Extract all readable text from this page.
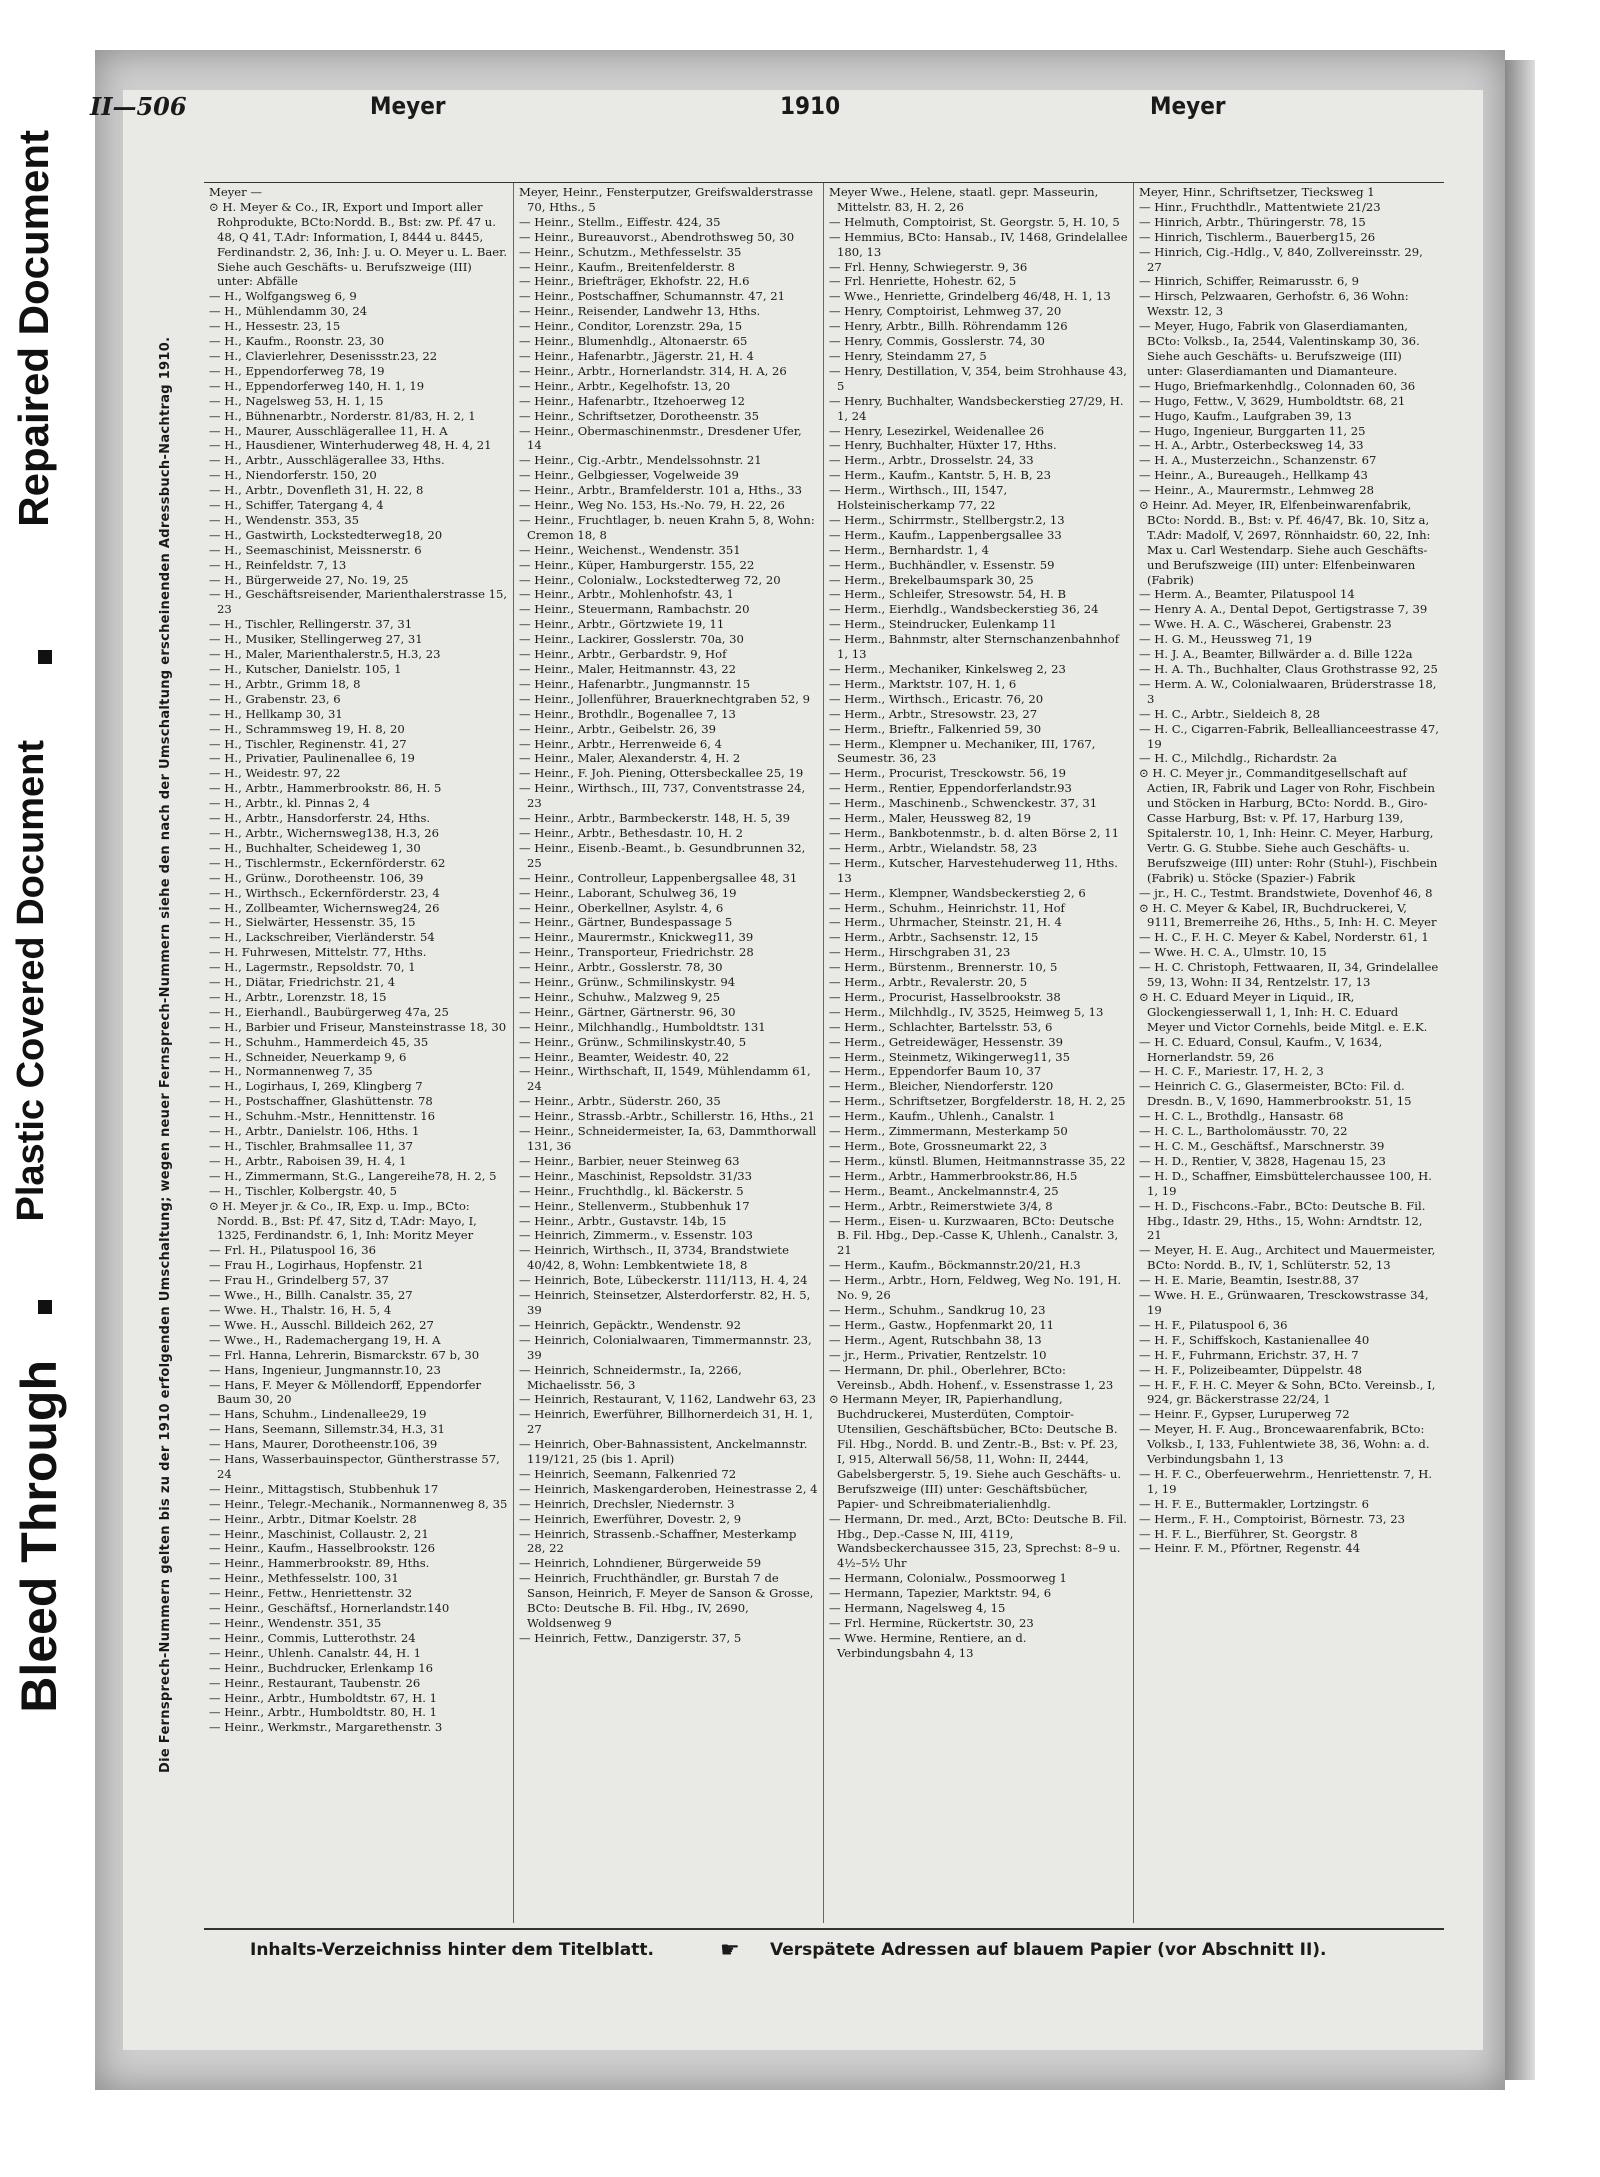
Repaired Document
Plastic Covered Document
Bleed Through
II—506	Meyer	1910	Meyer
Die Fernsprech-Nummern gelten bis zu der 1910 erfolgenden Umschaltung; wegen neuer Fernsprech-Nummern siehe den nach der Umschaltung erscheinenden Adressbuch-Nachtrag 1910.

Meyer —

⊙ H. Meyer & Co., IR, Export und Import aller Rohprodukte, BCto:Nordd. B., Bst: zw. Pf. 47 u. 48, Q 41, T.Adr: Information, I, 8444 u. 8445, Ferdinandstr. 2, 36, Inh: J. u. O. Meyer u. L. Baer. Siehe auch Geschäfts- u. Berufszweige (III) unter: Abfälle

— H., Wolfgangsweg 6, 9

— H., Mühlendamm 30, 24

— H., Hessestr. 23, 15

— H., Kaufm., Roonstr. 23, 30

— H., Clavierlehrer, Desenissstr.23, 22

— H., Eppendorferweg 78, 19

— H., Eppendorferweg 140, H. 1, 19

— H., Nagelsweg 53, H. 1, 15

— H., Bühnenarbtr., Norderstr. 81/83, H. 2, 1

— H., Maurer, Ausschlägerallee 11, H. A

— H., Hausdiener, Winterhuderweg 48, H. 4, 21

— H., Arbtr., Ausschlägerallee 33, Hths.

— H., Niendorferstr. 150, 20

— H., Arbtr., Dovenfleth 31, H. 22, 8

— H., Schiffer, Tatergang 4, 4

— H., Wendenstr. 353, 35

— H., Gastwirth, Lockstedterweg18, 20

— H., Seemaschinist, Meissnerstr. 6

— H., Reinfeldstr. 7, 13

— H., Bürgerweide 27, No. 19, 25

— H., Geschäftsreisender, Marienthalerstrasse 15, 23

— H., Tischler, Rellingerstr. 37, 31

— H., Musiker, Stellingerweg 27, 31

— H., Maler, Marienthalerstr.5, H.3, 23

— H., Kutscher, Danielstr. 105, 1

— H., Arbtr., Grimm 18, 8

— H., Grabenstr. 23, 6

— H., Hellkamp 30, 31

— H., Schrammsweg 19, H. 8, 20

— H., Tischler, Reginenstr. 41, 27

— H., Privatier, Paulinenallee 6, 19

— H., Weidestr. 97, 22

— H., Arbtr., Hammerbrookstr. 86, H. 5

— H., Arbtr., kl. Pinnas 2, 4

— H., Arbtr., Hansdorferstr. 24, Hths.

— H., Arbtr., Wichernsweg138, H.3, 26

— H., Buchhalter, Scheideweg 1, 30

— H., Tischlermstr., Eckernförderstr. 62

— H., Grünw., Dorotheenstr. 106, 39

— H., Wirthsch., Eckernförderstr. 23, 4

— H., Zollbeamter, Wichernsweg24, 26

— H., Sielwärter, Hessenstr. 35, 15

— H., Lackschreiber, Vierländerstr. 54

— H. Fuhrwesen, Mittelstr. 77, Hths.

— H., Lagermstr., Repsoldstr. 70, 1

— H., Diätar, Friedrichstr. 21, 4

— H., Arbtr., Lorenzstr. 18, 15

— H., Eierhandl., Baubürgerweg 47a, 25

— H., Barbier und Friseur, Mansteinstrasse 18, 30

— H., Schuhm., Hammerdeich 45, 35

— H., Schneider, Neuerkamp 9, 6

— H., Normannenweg 7, 35

— H., Logirhaus, I, 269, Klingberg 7

— H., Postschaffner, Glashüttenstr. 78

— H., Schuhm.-Mstr., Hennittenstr. 16

— H., Arbtr., Danielstr. 106, Hths. 1

— H., Tischler, Brahmsallee 11, 37

— H., Arbtr., Raboisen 39, H. 4, 1

— H., Zimmermann, St.G., Langereihe78, H. 2, 5

— H., Tischler, Kolbergstr. 40, 5

⊙ H. Meyer jr. & Co., IR, Exp. u. Imp., BCto: Nordd. B., Bst: Pf. 47, Sitz d, T.Adr: Mayo, I, 1325, Ferdinandstr. 6, 1, Inh: Moritz Meyer

— Frl. H., Pilatuspool 16, 36

— Frau H., Logirhaus, Hopfenstr. 21

— Frau H., Grindelberg 57, 37

— Wwe., H., Billh. Canalstr. 35, 27

— Wwe. H., Thalstr. 16, H. 5, 4

— Wwe. H., Ausschl. Billdeich 262, 27

— Wwe., H., Rademachergang 19, H. A

— Frl. Hanna, Lehrerin, Bismarckstr. 67 b, 30

— Hans, Ingenieur, Jungmannstr.10, 23

— Hans, F. Meyer & Möllendorff, Eppendorfer Baum 30, 20

— Hans, Schuhm., Lindenallee29, 19

— Hans, Seemann, Sillemstr.34, H.3, 31

— Hans, Maurer, Dorotheenstr.106, 39

— Hans, Wasserbauinspector, Güntherstrasse 57, 24

— Heinr., Mittagstisch, Stubbenhuk 17

— Heinr., Telegr.-Mechanik., Normannenweg 8, 35

— Heinr., Arbtr., Ditmar Koelstr. 28

— Heinr., Maschinist, Collaustr. 2, 21

— Heinr., Kaufm., Hasselbrookstr. 126

— Heinr., Hammerbrookstr. 89, Hths.

— Heinr., Methfesselstr. 100, 31

— Heinr., Fettw., Henriettenstr. 32

— Heinr., Geschäftsf., Hornerlandstr.140

— Heinr., Wendenstr. 351, 35

— Heinr., Commis, Lutterothstr. 24

— Heinr., Uhlenh. Canalstr. 44, H. 1

— Heinr., Buchdrucker, Erlenkamp 16

— Heinr., Restaurant, Taubenstr. 26

— Heinr., Arbtr., Humboldtstr. 67, H. 1

— Heinr., Arbtr., Humboldtstr. 80, H. 1

— Heinr., Werkmstr., Margarethenstr. 3

Meyer, Heinr., Fensterputzer, Greifswalderstrasse 70, Hths., 5

— Heinr., Stellm., Eiffestr. 424, 35

— Heinr., Bureauvorst., Abendrothsweg 50, 30

— Heinr., Schutzm., Methfesselstr. 35

— Heinr., Kaufm., Breitenfelderstr. 8

— Heinr., Briefträger, Ekhofstr. 22, H.6

— Heinr., Postschaffner, Schumannstr. 47, 21

— Heinr., Reisender, Landwehr 13, Hths.

— Heinr., Conditor, Lorenzstr. 29a, 15

— Heinr., Blumenhdlg., Altonaerstr. 65

— Heinr., Hafenarbtr., Jägerstr. 21, H. 4

— Heinr., Arbtr., Hornerlandstr. 314, H. A, 26

— Heinr., Arbtr., Kegelhofstr. 13, 20

— Heinr., Hafenarbtr., Itzehoerweg 12

— Heinr., Schriftsetzer, Dorotheenstr. 35

— Heinr., Obermaschinenmstr., Dresdener Ufer, 14

— Heinr., Cig.-Arbtr., Mendelssohnstr. 21

— Heinr., Gelbgiesser, Vogelweide 39

— Heinr., Arbtr., Bramfelderstr. 101 a, Hths., 33

— Heinr., Weg No. 153, Hs.-No. 79, H. 22, 26

— Heinr., Fruchtlager, b. neuen Krahn 5, 8, Wohn: Cremon 18, 8

— Heinr., Weichenst., Wendenstr. 351

— Heinr., Küper, Hamburgerstr. 155, 22

— Heinr., Colonialw., Lockstedterweg 72, 20

— Heinr., Arbtr., Mohlenhofstr. 43, 1

— Heinr., Steuermann, Rambachstr. 20

— Heinr., Arbtr., Görtzwiete 19, 11

— Heinr., Lackirer, Gosslerstr. 70a, 30

— Heinr., Arbtr., Gerbardstr. 9, Hof

— Heinr., Maler, Heitmannstr. 43, 22

— Heinr., Hafenarbtr., Jungmannstr. 15

— Heinr., Jollenführer, Brauerknechtgraben 52, 9

— Heinr., Brothdlr., Bogenallee 7, 13

— Heinr., Arbtr., Geibelstr. 26, 39

— Heinr., Arbtr., Herrenweide 6, 4

— Heinr., Maler, Alexanderstr. 4, H. 2

— Heinr., F. Joh. Piening, Ottersbeckallee 25, 19

— Heinr., Wirthsch., III, 737, Conventstrasse 24, 23

— Heinr., Arbtr., Barmbeckerstr. 148, H. 5, 39

— Heinr., Arbtr., Bethesdastr. 10, H. 2

— Heinr., Eisenb.-Beamt., b. Gesundbrunnen 32, 25

— Heinr., Controlleur, Lappenbergsallee 48, 31

— Heinr., Laborant, Schulweg 36, 19

— Heinr., Oberkellner, Asylstr. 4, 6

— Heinr., Gärtner, Bundespassage 5

— Heinr., Maurermstr., Knickweg11, 39

— Heinr., Transporteur, Friedrichstr. 28

— Heinr., Arbtr., Gosslerstr. 78, 30

— Heinr., Grünw., Schmilinskystr. 94

— Heinr., Schuhw., Malzweg 9, 25

— Heinr., Gärtner, Gärtnerstr. 96, 30

— Heinr., Milchhandlg., Humboldtstr. 131

— Heinr., Grünw., Schmilinskystr.40, 5

— Heinr., Beamter, Weidestr. 40, 22

— Heinr., Wirthschaft, II, 1549, Mühlendamm 61, 24

— Heinr., Arbtr., Süderstr. 260, 35

— Heinr., Strassb.-Arbtr., Schillerstr. 16, Hths., 21

— Heinr., Schneidermeister, Ia, 63, Dammthorwall 131, 36

— Heinr., Barbier, neuer Steinweg 63

— Heinr., Maschinist, Repsoldstr. 31/33

— Heinr., Fruchthdlg., kl. Bäckerstr. 5

— Heinr., Stellenverm., Stubbenhuk 17

— Heinr., Arbtr., Gustavstr. 14b, 15

— Heinrich, Zimmerm., v. Essenstr. 103

— Heinrich, Wirthsch., II, 3734, Brandstwiete 40/42, 8, Wohn: Lembkentwiete 18, 8

— Heinrich, Bote, Lübeckerstr. 111/113, H. 4, 24

— Heinrich, Steinsetzer, Alsterdorferstr. 82, H. 5, 39

— Heinrich, Gepäcktr., Wendenstr. 92

— Heinrich, Colonialwaaren, Timmermannstr. 23, 39

— Heinrich, Schneidermstr., Ia, 2266, Michaelisstr. 56, 3

— Heinrich, Restaurant, V, 1162, Landwehr 63, 23

— Heinrich, Ewerführer, Billhornerdeich 31, H. 1, 27

— Heinrich, Ober-Bahnassistent, Anckelmannstr. 119/121, 25 (bis 1. April)

— Heinrich, Seemann, Falkenried 72

— Heinrich, Maskengarderoben, Heinestrasse 2, 4

— Heinrich, Drechsler, Niedernstr. 3

— Heinrich, Ewerführer, Dovestr. 2, 9

— Heinrich, Strassenb.-Schaffner, Mesterkamp 28, 22

— Heinrich, Lohndiener, Bürgerweide 59

— Heinrich, Fruchthändler, gr. Burstah 7 de Sanson, Heinrich, F. Meyer de Sanson & Grosse, BCto: Deutsche B. Fil. Hbg., IV, 2690, Woldsenweg 9

— Heinrich, Fettw., Danzigerstr. 37, 5

Meyer Wwe., Helene, staatl. gepr. Masseurin, Mittelstr. 83, H. 2, 26

— Helmuth, Comptoirist, St. Georgstr. 5, H. 10, 5

— Hemmius, BCto: Hansab., IV, 1468, Grindelallee 180, 13

— Frl. Henny, Schwiegerstr. 9, 36

— Frl. Henriette, Hohestr. 62, 5

— Wwe., Henriette, Grindelberg 46/48, H. 1, 13

— Henry, Comptoirist, Lehmweg 37, 20

— Henry, Arbtr., Billh. Röhrendamm 126

— Henry, Commis, Gosslerstr. 74, 30

— Henry, Steindamm 27, 5

— Henry, Destillation, V, 354, beim Strohhause 43, 5

— Henry, Buchhalter, Wandsbeckerstieg 27/29, H. 1, 24

— Henry, Lesezirkel, Weidenallee 26

— Henry, Buchhalter, Hüxter 17, Hths.

— Herm., Arbtr., Drosselstr. 24, 33

— Herm., Kaufm., Kantstr. 5, H. B, 23

— Herm., Wirthsch., III, 1547, Holsteinischerkamp 77, 22

— Herm., Schirrmstr., Stellbergstr.2, 13

— Herm., Kaufm., Lappenbergsallee 33

— Herm., Bernhardstr. 1, 4

— Herm., Buchhändler, v. Essenstr. 59

— Herm., Brekelbaumspark 30, 25

— Herm., Schleifer, Stresowstr. 54, H. B

— Herm., Eierhdlg., Wandsbeckerstieg 36, 24

— Herm., Steindrucker, Eulenkamp 11

— Herm., Bahnmstr, alter Sternschanzenbahnhof 1, 13

— Herm., Mechaniker, Kinkelsweg 2, 23

— Herm., Marktstr. 107, H. 1, 6

— Herm., Wirthsch., Ericastr. 76, 20

— Herm., Arbtr., Stresowstr. 23, 27

— Herm., Brieftr., Falkenried 59, 30

— Herm., Klempner u. Mechaniker, III, 1767, Seumestr. 36, 23

— Herm., Procurist, Tresckowstr. 56, 19

— Herm., Rentier, Eppendorferlandstr.93

— Herm., Maschinenb., Schwenckestr. 37, 31

— Herm., Maler, Heussweg 82, 19

— Herm., Bankbotenmstr., b. d. alten Börse 2, 11

— Herm., Arbtr., Wielandstr. 58, 23

— Herm., Kutscher, Harvestehuderweg 11, Hths. 13

— Herm., Klempner, Wandsbeckerstieg 2, 6

— Herm., Schuhm., Heinrichstr. 11, Hof

— Herm., Uhrmacher, Steinstr. 21, H. 4

— Herm., Arbtr., Sachsenstr. 12, 15

— Herm., Hirschgraben 31, 23

— Herm., Bürstenm., Brennerstr. 10, 5

— Herm., Arbtr., Revalerstr. 20, 5

— Herm., Procurist, Hasselbrookstr. 38

— Herm., Milchhdlg., IV, 3525, Heimweg 5, 13

— Herm., Schlachter, Bartelsstr. 53, 6

— Herm., Getreidewäger, Hessenstr. 39

— Herm., Steinmetz, Wikingerweg11, 35

— Herm., Eppendorfer Baum 10, 37

— Herm., Bleicher, Niendorferstr. 120

— Herm., Schriftsetzer, Borgfelderstr. 18, H. 2, 25

— Herm., Kaufm., Uhlenh., Canalstr. 1

— Herm., Zimmermann, Mesterkamp 50

— Herm., Bote, Grossneumarkt 22, 3

— Herm., künstl. Blumen, Heitmannstrasse 35, 22

— Herm., Arbtr., Hammerbrookstr.86, H.5

— Herm., Beamt., Anckelmannstr.4, 25

— Herm., Arbtr., Reimerstwiete 3/4, 8

— Herm., Eisen- u. Kurzwaaren, BCto: Deutsche B. Fil. Hbg., Dep.-Casse K, Uhlenh., Canalstr. 3, 21

— Herm., Kaufm., Böckmannstr.20/21, H.3

— Herm., Arbtr., Horn, Feldweg, Weg No. 191, H. No. 9, 26

— Herm., Schuhm., Sandkrug 10, 23

— Herm., Gastw., Hopfenmarkt 20, 11

— Herm., Agent, Rutschbahn 38, 13

— jr., Herm., Privatier, Rentzelstr. 10

— Hermann, Dr. phil., Oberlehrer, BCto: Vereinsb., Abdh. Hohenf., v. Essenstrasse 1, 23

⊙ Hermann Meyer, IR, Papierhandlung, Buchdruckerei, Musterdüten, Comptoir-Utensilien, Geschäftsbücher, BCto: Deutsche B. Fil. Hbg., Nordd. B. und Zentr.-B., Bst: v. Pf. 23, I, 915, Alterwall 56/58, 11, Wohn: II, 2444, Gabelsbergerstr. 5, 19. Siehe auch Geschäfts- u. Berufszweige (III) unter: Geschäftsbücher, Papier- und Schreibmaterialienhdlg.

— Hermann, Dr. med., Arzt, BCto: Deutsche B. Fil. Hbg., Dep.-Casse N, III, 4119, Wandsbeckerchaussee 315, 23, Sprechst: 8–9 u. 4½–5½ Uhr

— Hermann, Colonialw., Possmoorweg 1

— Hermann, Tapezier, Marktstr. 94, 6

— Hermann, Nagelsweg 4, 15

— Frl. Hermine, Rückertstr. 30, 23

— Wwe. Hermine, Rentiere, an d. Verbindungsbahn 4, 13

Meyer, Hinr., Schriftsetzer, Tiecksweg 1

— Hinr., Fruchthdlr., Mattentwiete 21/23

— Hinrich, Arbtr., Thüringerstr. 78, 15

— Hinrich, Tischlerm., Bauerberg15, 26

— Hinrich, Cig.-Hdlg., V, 840, Zollvereinsstr. 29, 27

— Hinrich, Schiffer, Reimarusstr. 6, 9

— Hirsch, Pelzwaaren, Gerhofstr. 6, 36 Wohn: Wexstr. 12, 3

— Meyer, Hugo, Fabrik von Glaserdiamanten, BCto: Volksb., Ia, 2544, Valentinskamp 30, 36. Siehe auch Geschäfts- u. Berufszweige (III) unter: Glaserdiamanten und Diamanteure.

— Hugo, Briefmarkenhdlg., Colonnaden 60, 36

— Hugo, Fettw., V, 3629, Humboldtstr. 68, 21

— Hugo, Kaufm., Laufgraben 39, 13

— Hugo, Ingenieur, Burggarten 11, 25

— H. A., Arbtr., Osterbecksweg 14, 33

— H. A., Musterzeichn., Schanzenstr. 67

— Heinr., A., Bureaugeh., Hellkamp 43

— Heinr., A., Maurermstr., Lehmweg 28

⊙ Heinr. Ad. Meyer, IR, Elfenbeinwarenfabrik, BCto: Nordd. B., Bst: v. Pf. 46/47, Bk. 10, Sitz a, T.Adr: Madolf, V, 2697, Rönnhaidstr. 60, 22, Inh: Max u. Carl Westendarp. Siehe auch Geschäfts- und Berufszweige (III) unter: Elfenbeinwaren (Fabrik)

— Herm. A., Beamter, Pilatuspool 14

— Henry A. A., Dental Depot, Gertigstrasse 7, 39

— Wwe. H. A. C., Wäscherei, Grabenstr. 23

— H. G. M., Heussweg 71, 19

— H. J. A., Beamter, Billwärder a. d. Bille 122a

— H. A. Th., Buchhalter, Claus Grothstrasse 92, 25

— Herm. A. W., Colonialwaaren, Brüderstrasse 18, 3

— H. C., Arbtr., Sieldeich 8, 28

— H. C., Cigarren-Fabrik, Belleallianceestrasse 47, 19

— H. C., Milchdlg., Richardstr. 2a

⊙ H. C. Meyer jr., Commanditgesellschaft auf Actien, IR, Fabrik und Lager von Rohr, Fischbein und Stöcken in Harburg, BCto: Nordd. B., Giro-Casse Harburg, Bst: v. Pf. 17, Harburg 139, Spitalerstr. 10, 1, Inh: Heinr. C. Meyer, Harburg, Vertr. G. G. Stubbe. Siehe auch Geschäfts- u. Berufszweige (III) unter: Rohr (Stuhl-), Fischbein (Fabrik) u. Stöcke (Spazier-) Fabrik

— jr., H. C., Testmt. Brandstwiete, Dovenhof 46, 8

⊙ H. C. Meyer & Kabel, IR, Buchdruckerei, V, 9111, Bremerreihe 26, Hths., 5, Inh: H. C. Meyer

— H. C., F. H. C. Meyer & Kabel, Norderstr. 61, 1

— Wwe. H. C. A., Ulmstr. 10, 15

— H. C. Christoph, Fettwaaren, II, 34, Grindelallee 59, 13, Wohn: II 34, Rentzelstr. 17, 13

⊙ H. C. Eduard Meyer in Liquid., IR, Glockengiesserwall 1, 1, Inh: H. C. Eduard Meyer und Victor Cornehls, beide Mitgl. e. E.K.

— H. C. Eduard, Consul, Kaufm., V, 1634, Hornerlandstr. 59, 26

— H. C. F., Mariestr. 17, H. 2, 3

— Heinrich C. G., Glasermeister, BCto: Fil. d. Dresdn. B., V, 1690, Hammerbrookstr. 51, 15

— H. C. L., Brothdlg., Hansastr. 68

— H. C. L., Bartholomäusstr. 70, 22

— H. C. M., Geschäftsf., Marschnerstr. 39

— H. D., Rentier, V, 3828, Hagenau 15, 23

— H. D., Schaffner, Eimsbüttelerchaussee 100, H. 1, 19

— H. D., Fischcons.-Fabr., BCto: Deutsche B. Fil. Hbg., Idastr. 29, Hths., 15, Wohn: Arndtstr. 12, 21

— Meyer, H. E. Aug., Architect und Mauermeister, BCto: Nordd. B., IV, 1, Schlüterstr. 52, 13

— H. E. Marie, Beamtin, Isestr.88, 37

— Wwe. H. E., Grünwaaren, Tresckowstrasse 34, 19

— H. F., Pilatuspool 6, 36

— H. F., Schiffskoch, Kastanienallee 40

— H. F., Fuhrmann, Erichstr. 37, H. 7

— H. F., Polizeibeamter, Düppelstr. 48

— H. F., F. H. C. Meyer & Sohn, BCto. Vereinsb., I, 924, gr. Bäckerstrasse 22/24, 1

— Heinr. F., Gypser, Luruperweg 72

— Meyer, H. F. Aug., Broncewaarenfabrik, BCto: Volksb., I, 133, Fuhlentwiete 38, 36, Wohn: a. d. Verbindungsbahn 1, 13

— H. F. C., Oberfeuerwehrm., Henriettenstr. 7, H. 1, 19

— H. F. E., Buttermakler, Lortzingstr. 6

— Herm., F. H., Comptoirist, Börnestr. 73, 23

— H. F. L., Bierführer, St. Georgstr. 8

— Heinr. F. M., Pförtner, Regenstr. 44

Inhalts-Verzeichniss hinter dem Titelblatt.	☛ Verspätete Adressen auf blauem Papier (vor Abschnitt II).
